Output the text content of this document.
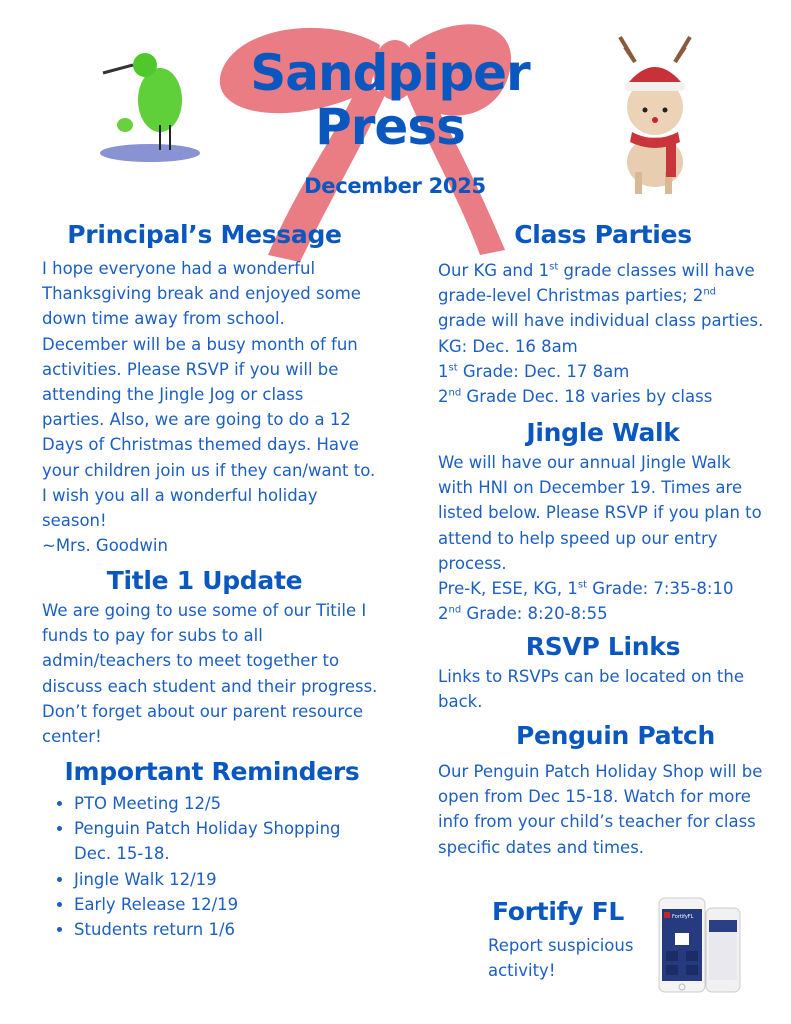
Sandpiper
Press
December 2025
Principal’s Message
I hope everyone had a wonderful
Thanksgiving break and enjoyed some
down time away from school.
December will be a busy month of fun
activities. Please RSVP if you will be
attending the Jingle Jog or class
parties. Also, we are going to do a 12
Days of Christmas themed days. Have
your children join us if they can/want to.
I wish you all a wonderful holiday
season!
~Mrs. Goodwin
Title 1 Update
We are going to use some of our Titile I
funds to pay for subs to all
admin/teachers to meet together to
discuss each student and their progress.
Don’t forget about our parent resource
center!
Important Reminders
• PTO Meeting 12/5
• Penguin Patch Holiday Shopping Dec. 15-18.
• Jingle Walk 12/19
• Early Release 12/19
• Students return 1/6
Class Parties
Our KG and 1st grade classes will have
grade-level Christmas parties; 2nd
grade will have individual class parties.
KG: Dec. 16 8am
1st Grade: Dec. 17 8am
2nd Grade Dec. 18 varies by class
Jingle Walk
We will have our annual Jingle Walk
with HNI on December 19. Times are
listed below. Please RSVP if you plan to
attend to help speed up our entry
process.
Pre-K, ESE, KG, 1st Grade: 7:35-8:10
2nd Grade: 8:20-8:55
RSVP Links
Links to RSVPs can be located on the
back.
Penguin Patch
Our Penguin Patch Holiday Shop will be
open from Dec 15-18. Watch for more
info from your child’s teacher for class
specific dates and times.
Fortify FL
Report suspicious
activity!
FortifyFL
